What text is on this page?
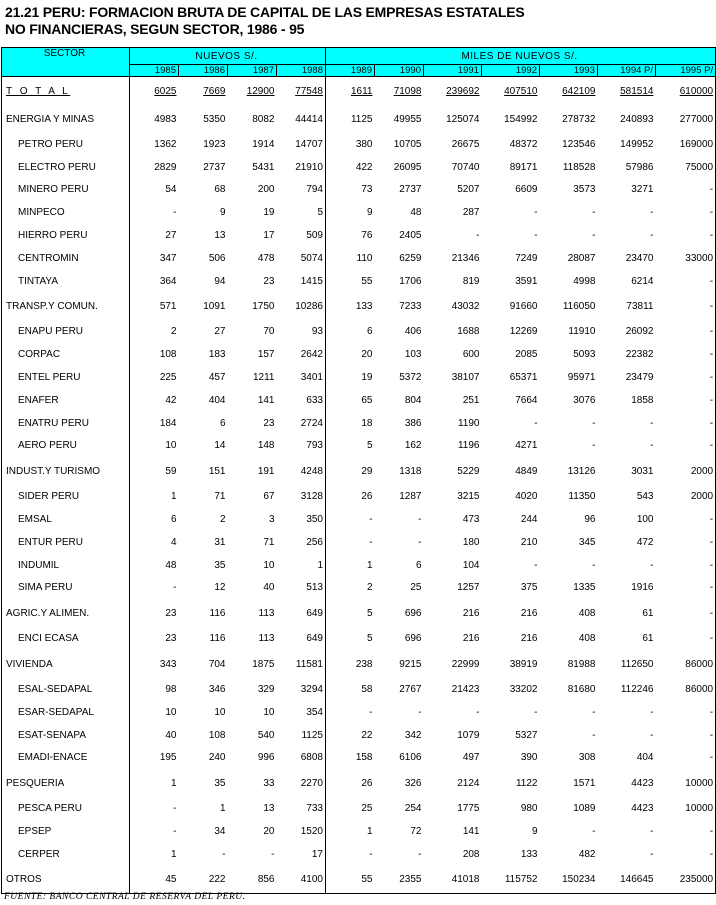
21.21 PERU: FORMACION BRUTA DE CAPITAL DE LAS EMPRESAS ESTATALES
NO FINANCIERAS, SEGUN SECTOR, 1986 - 95
SECTOR	NUEVOS S/.				MILES DE NUEVOS S/.						
	1985	1986	1987	1988	1989	1990	1991	1992	1993	1994 P/	1995 P/
T O T A L	6025	7669	12900	77548	1611	71098	239692	407510	642109	581514	610000
ENERGIA Y MINAS	4983	5350	8082	44414	1125	49955	125074	154992	278732	240893	277000
PETRO PERU	1362	1923	1914	14707	380	10705	26675	48372	123546	149952	169000
ELECTRO PERU	2829	2737	5431	21910	422	26095	70740	89171	118528	57986	75000
MINERO PERU	54	68	200	794	73	2737	5207	6609	3573	3271	-
MINPECO	-	9	19	5	9	48	287	-	-	-	-
HIERRO PERU	27	13	17	509	76	2405	-	-	-	-	-
CENTROMIN	347	506	478	5074	110	6259	21346	7249	28087	23470	33000
TINTAYA	364	94	23	1415	55	1706	819	3591	4998	6214	-
TRANSP.Y COMUN.	571	1091	1750	10286	133	7233	43032	91660	116050	73811	-
ENAPU PERU	2	27	70	93	6	406	1688	12269	11910	26092	-
CORPAC	108	183	157	2642	20	103	600	2085	5093	22382	-
ENTEL PERU	225	457	1211	3401	19	5372	38107	65371	95971	23479	-
ENAFER	42	404	141	633	65	804	251	7664	3076	1858	-
ENATRU PERU	184	6	23	2724	18	386	1190	-	-	-	-
AERO PERU	10	14	148	793	5	162	1196	4271	-	-	-
INDUST.Y TURISMO	59	151	191	4248	29	1318	5229	4849	13126	3031	2000
SIDER PERU	1	71	67	3128	26	1287	3215	4020	11350	543	2000
EMSAL	6	2	3	350	-	-	473	244	96	100	-
ENTUR PERU	4	31	71	256	-	-	180	210	345	472	-
INDUMIL	48	35	10	1	1	6	104	-	-	-	-
SIMA PERU	-	12	40	513	2	25	1257	375	1335	1916	-
AGRIC.Y ALIMEN.	23	116	113	649	5	696	216	216	408	61	-
ENCI ECASA	23	116	113	649	5	696	216	216	408	61	-
VIVIENDA	343	704	1875	11581	238	9215	22999	38919	81988	112650	86000
ESAL-SEDAPAL	98	346	329	3294	58	2767	21423	33202	81680	112246	86000
ESAR-SEDAPAL	10	10	10	354	-	-	-	-	-	-	-
ESAT-SENAPA	40	108	540	1125	22	342	1079	5327	-	-	-
EMADI-ENACE	195	240	996	6808	158	6106	497	390	308	404	-
PESQUERIA	1	35	33	2270	26	326	2124	1122	1571	4423	10000
PESCA PERU	-	1	13	733	25	254	1775	980	1089	4423	10000
EPSEP	-	34	20	1520	1	72	141	9	-	-	-
CERPER	1	-	-	17	-	-	208	133	482	-	-
OTROS	45	222	856	4100	55	2355	41018	115752	150234	146645	235000
FUENTE: BANCO CENTRAL DE RESERVA DEL PERU.
